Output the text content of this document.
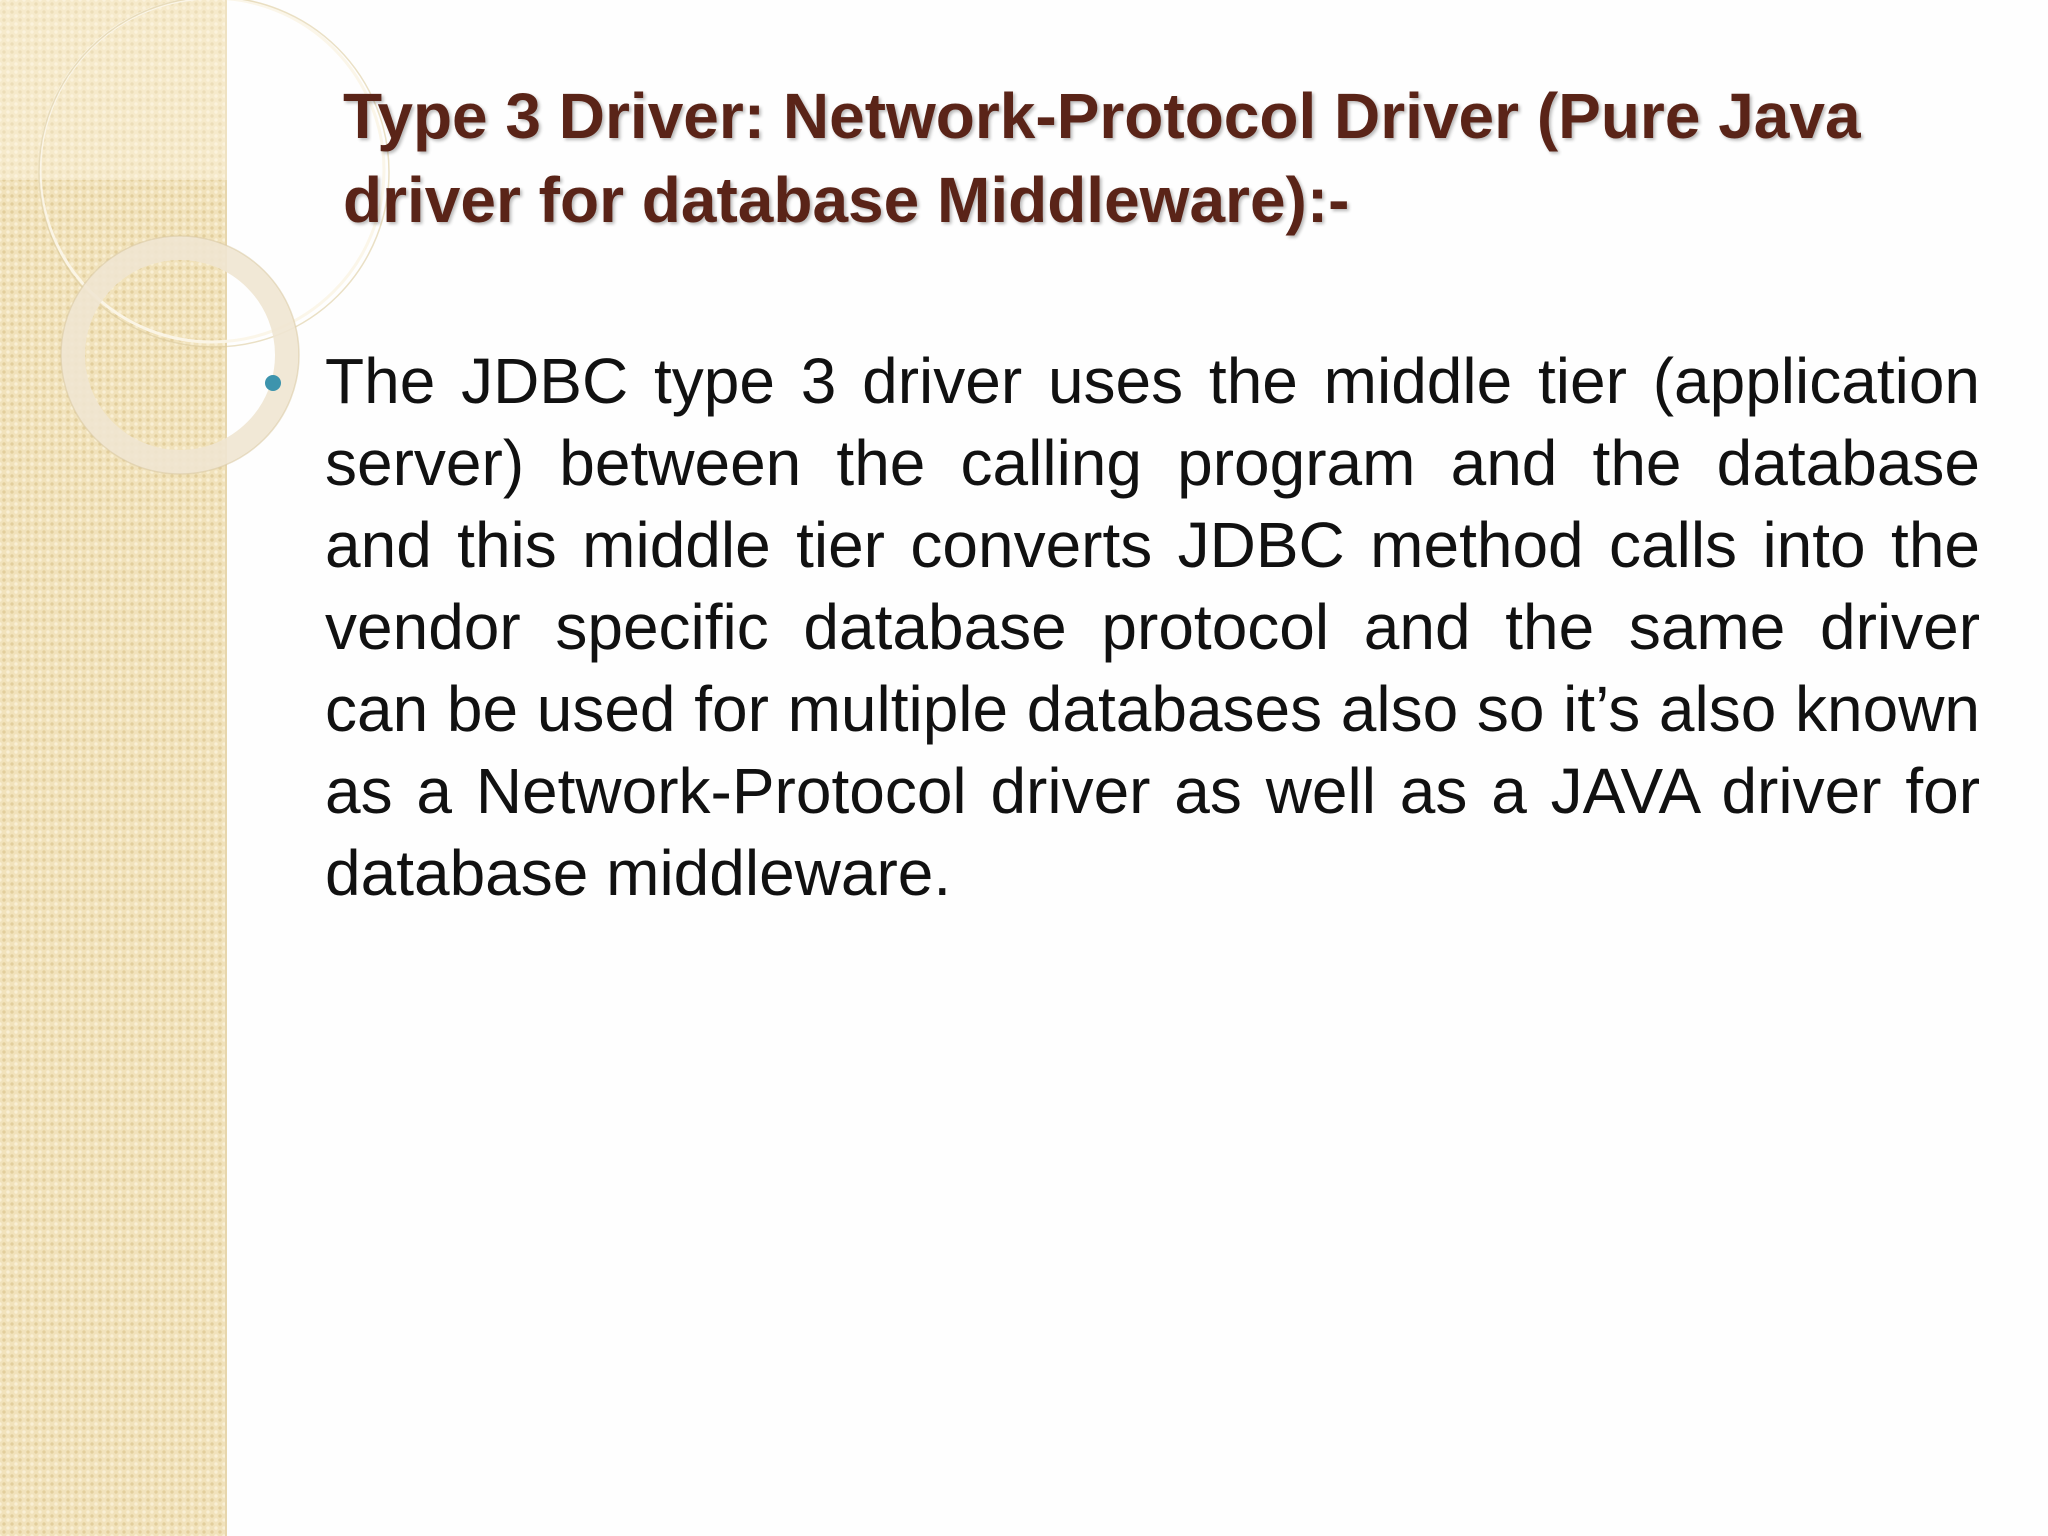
Type 3 Driver: Network-Protocol Driver (Pure Java driver for database Middleware):-

The JDBC type 3 driver uses the middle tier (application server) between the calling program and the database and this middle tier converts JDBC method calls into the vendor specific database protocol and the same driver can be used for multiple databases also so it’s also known as a Network-Protocol driver as well as a JAVA driver for database middleware.
